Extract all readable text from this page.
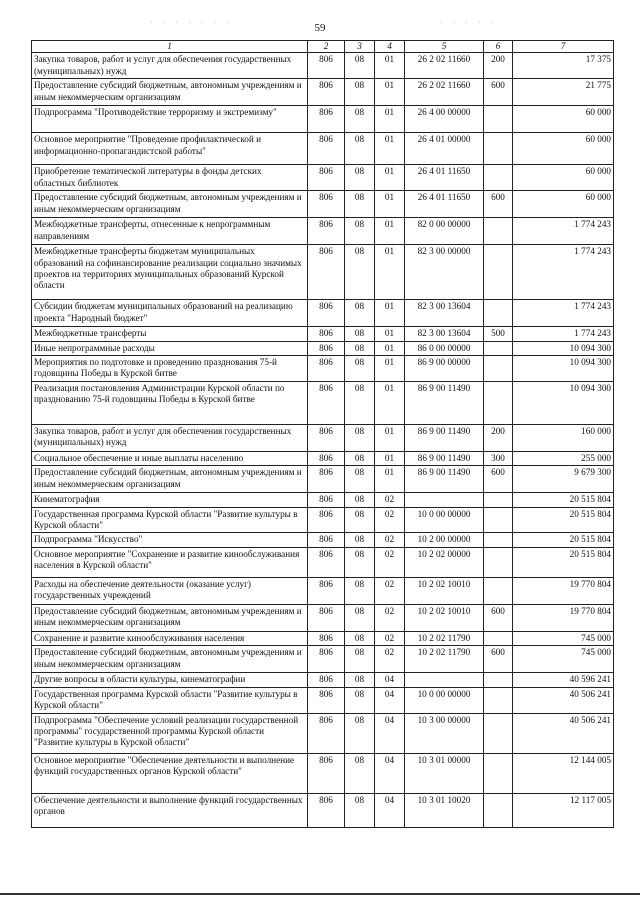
59
· · · · · · ·	· · · · ·
1	2	3	4	5	6	7
Закупка товаров, работ и услуг для обеспечения государственных (муниципальных) нужд	806	08	01	26 2 02 11660	200	17 375
Предоставление субсидий бюджетным, автономным учреждениям и иным некоммерческим организациям	806	08	01	26 2 02 11660	600	21 775
Подпрограмма "Противодействие терроризму и экстремизму"	806	08	01	26 4 00 00000		60 000
Основное мероприятие "Проведение профилактической и информационно-пропагандистской работы"	806	08	01	26 4 01 00000		60 000
Приобретение тематической литературы в фонды детских областных библиотек	806	08	01	26 4 01 11650		60 000
Предоставление субсидий бюджетным, автономным учреждениям и иным некоммерческим организациям	806	08	01	26 4 01 11650	600	60 000
Межбюджетные трансферты, отнесенные к непрограммным направлениям	806	08	01	82 0 00 00000		1 774 243
Межбюджетные трансферты бюджетам муниципальных образований на софинансирование реализации социально значимых проектов на территориях муниципальных образований Курской области	806	08	01	82 3 00 00000		1 774 243
Субсидии бюджетам муниципальных образований на реализацию проекта "Народный бюджет"	806	08	01	82 3 00 13604		1 774 243
Межбюджетные трансферты	806	08	01	82 3 00 13604	500	1 774 243
Иные непрограммные расходы	806	08	01	86 0 00 00000		10 094 300
Мероприятия по подготовке и проведению празднования 75-й годовщины Победы в Курской битве	806	08	01	86 9 00 00000		10 094 300
Реализация постановления Администрации Курской области по празднованию 75-й годовщины Победы в Курской битве	806	08	01	86 9 00 11490		10 094 300
Закупка товаров, работ и услуг для обеспечения государственных (муниципальных) нужд	806	08	01	86 9 00 11490	200	160 000
Социальное обеспечение и иные выплаты населению	806	08	01	86 9 00 11490	300	255 000
Предоставление субсидий бюджетным, автономным учреждениям и иным некоммерческим организациям	806	08	01	86 9 00 11490	600	9 679 300
Кинематография	806	08	02			20 515 804
Государственная программа Курской области "Развитие культуры в Курской области"	806	08	02	10 0 00 00000		20 515 804
Подпрограмма "Искусство"	806	08	02	10 2 00 00000		20 515 804
Основное мероприятие "Сохранение и развитие кинообслуживания населения в Курской области"	806	08	02	10 2 02 00000		20 515 804
Расходы на обеспечение деятельности (оказание услуг) государственных учреждений	806	08	02	10 2 02 10010		19 770 804
Предоставление субсидий бюджетным, автономным учреждениям и иным некоммерческим организациям	806	08	02	10 2 02 10010	600	19 770 804
Сохранение и развитие кинообслуживания населения	806	08	02	10 2 02 11790		745 000
Предоставление субсидий бюджетным, автономным учреждениям и иным некоммерческим организациям	806	08	02	10 2 02 11790	600	745 000
Другие вопросы в области культуры, кинематографии	806	08	04			40 596 241
Государственная программа Курской области "Развитие культуры в Курской области"	806	08	04	10 0 00 00000		40 506 241
Подпрограмма "Обеспечение условий реализации государственной программы" государственной программы Курской области "Развитие культуры в Курской области"	806	08	04	10 3 00 00000		40 506 241
Основное мероприятие "Обеспечение деятельности и выполнение функций государственных органов Курской области"	806	08	04	10 3 01 00000		12 144 005
Обеспечение деятельности и выполнение функций государственных органов	806	08	04	10 3 01 10020		12 117 005
